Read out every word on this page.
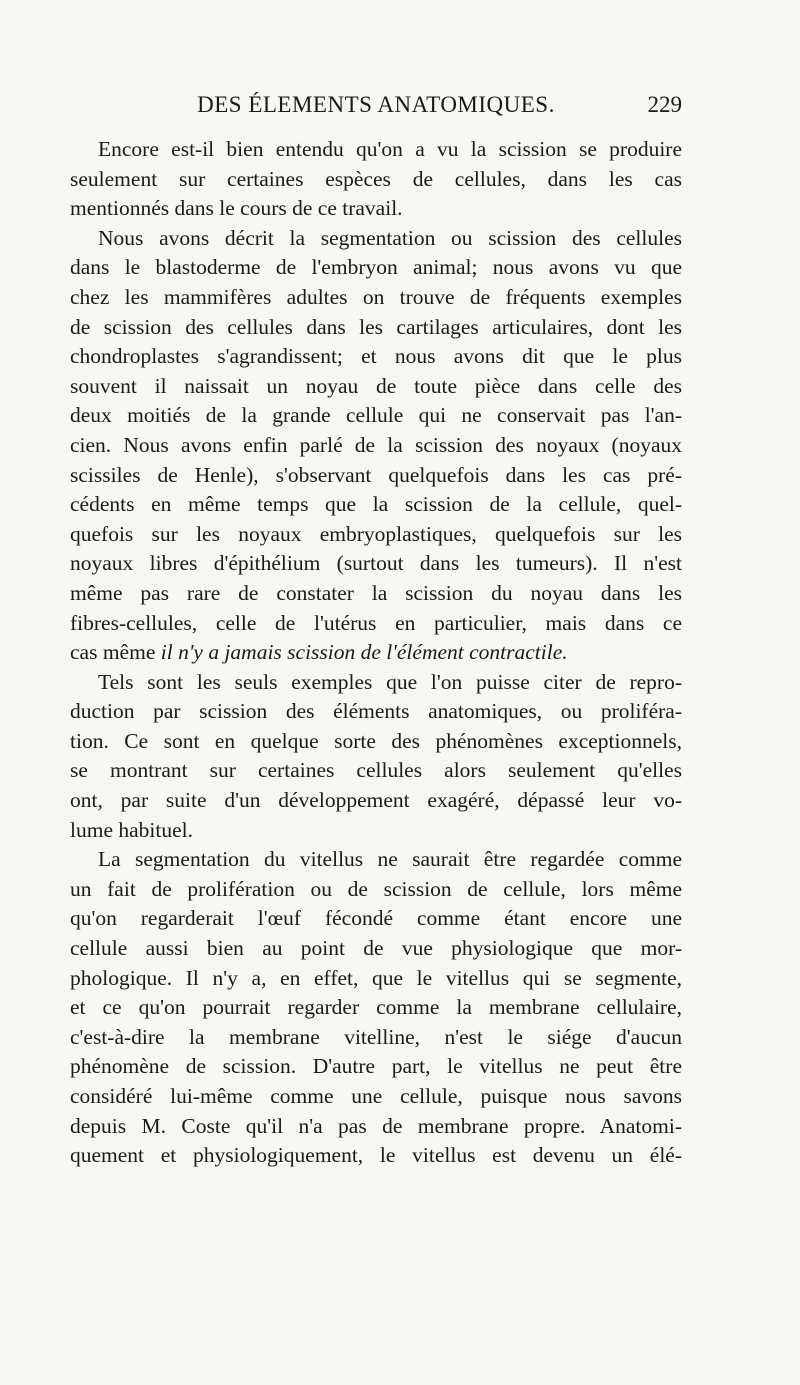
DES ÉLEMENTS ANATOMIQUES.	229
Encore est-il bien entendu qu'on a vu la scission se produire
seulement sur certaines espèces de cellules, dans les cas
mentionnés dans le cours de ce travail.
Nous avons décrit la segmentation ou scission des cellules
dans le blastoderme de l'embryon animal; nous avons vu que
chez les mammifères adultes on trouve de fréquents exemples
de scission des cellules dans les cartilages articulaires, dont les
chondroplastes s'agrandissent; et nous avons dit que le plus
souvent il naissait un noyau de toute pièce dans celle des
deux moitiés de la grande cellule qui ne conservait pas l'an-
cien. Nous avons enfin parlé de la scission des noyaux (noyaux
scissiles de Henle), s'observant quelquefois dans les cas pré-
cédents en même temps que la scission de la cellule, quel-
quefois sur les noyaux embryoplastiques, quelquefois sur les
noyaux libres d'épithélium (surtout dans les tumeurs). Il n'est
même pas rare de constater la scission du noyau dans les
fibres-cellules, celle de l'utérus en particulier, mais dans ce
cas même il n'y a jamais scission de l'élément contractile.
Tels sont les seuls exemples que l'on puisse citer de repro-
duction par scission des éléments anatomiques, ou proliféra-
tion. Ce sont en quelque sorte des phénomènes exceptionnels,
se montrant sur certaines cellules alors seulement qu'elles
ont, par suite d'un développement exagéré, dépassé leur vo-
lume habituel.
La segmentation du vitellus ne saurait être regardée comme
un fait de prolifération ou de scission de cellule, lors même
qu'on regarderait l'œuf fécondé comme étant encore une
cellule aussi bien au point de vue physiologique que mor-
phologique. Il n'y a, en effet, que le vitellus qui se segmente,
et ce qu'on pourrait regarder comme la membrane cellulaire,
c'est-à-dire la membrane vitelline, n'est le siége d'aucun
phénomène de scission. D'autre part, le vitellus ne peut être
considéré lui-même comme une cellule, puisque nous savons
depuis M. Coste qu'il n'a pas de membrane propre. Anatomi-
quement et physiologiquement, le vitellus est devenu un élé-
